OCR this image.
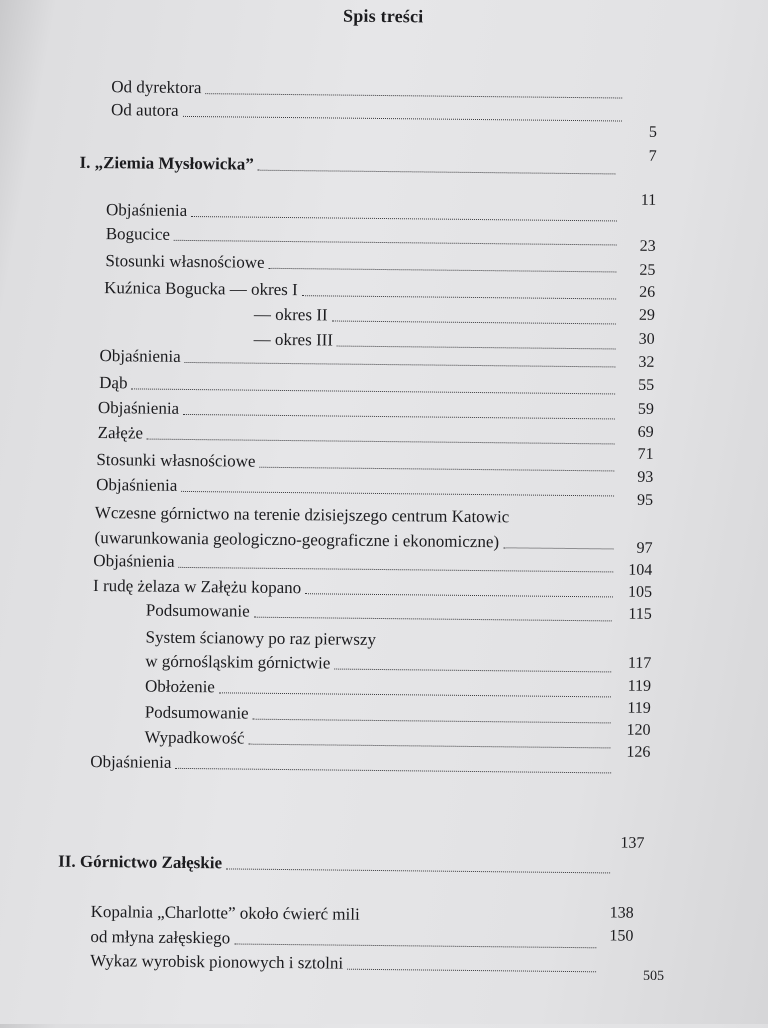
Spis treści
Od dyrektora
Od autora
I. „Ziemia Mysłowicka”
Objaśnienia
Bogucice
Stosunki własnościowe
Kuźnica Bogucka — okres I
— okres II
— okres III
Objaśnienia
Dąb
Objaśnienia
Załęże
Stosunki własnościowe
Objaśnienia
Wczesne górnictwo na terenie dzisiejszego centrum Katowic
(uwarunkowania geologiczno-geograficzne i ekonomiczne)
Objaśnienia
I rudę żelaza w Załężu kopano
Podsumowanie
System ścianowy po raz pierwszy
w górnośląskim górnictwie
Obłożenie
Podsumowanie
Wypadkowość
Objaśnienia
II. Górnictwo Załęskie
Kopalnia „Charlotte” około ćwierć mili
od młyna załęskiego
Wykaz wyrobisk pionowych i sztolni
5
7
11
23
25
26
29
30
32
55
59
69
71
93
95
97
104
105
115
117
119
119
120
126
137
138
150
505
